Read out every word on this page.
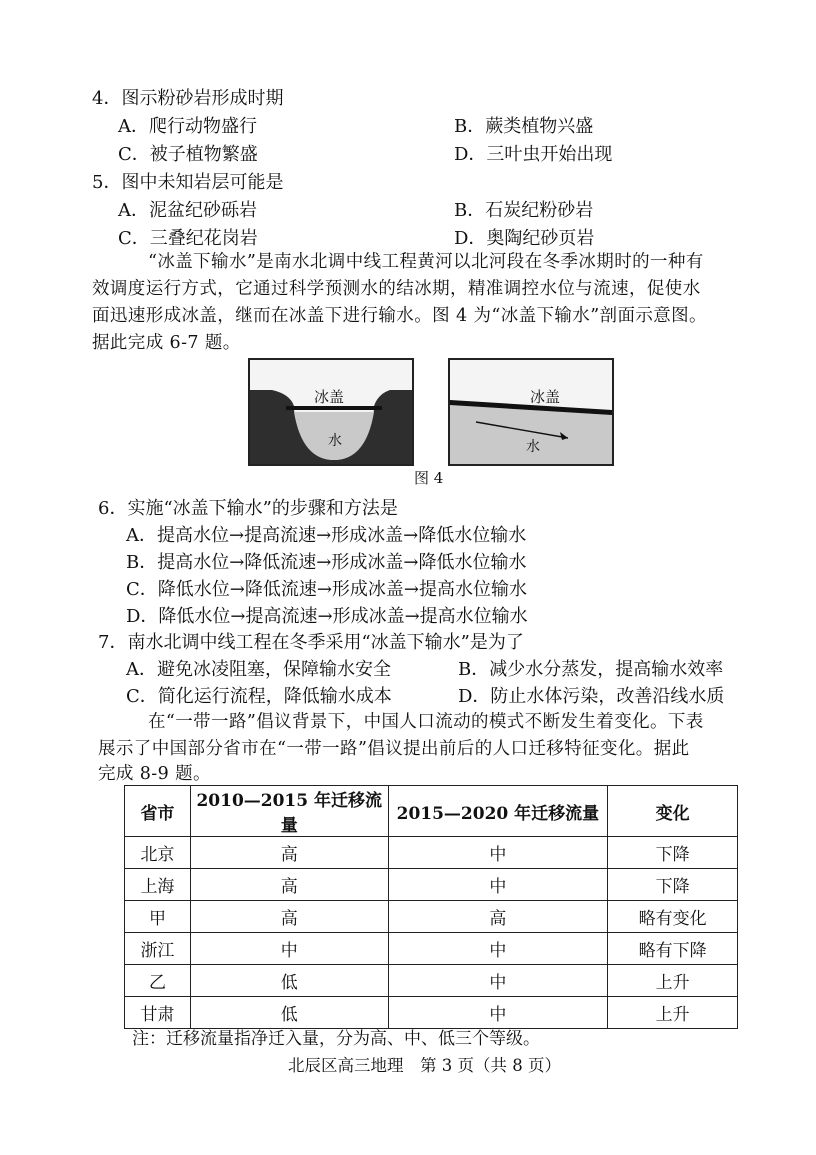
4．图示粉砂岩形成时期
A．爬行动物盛行	B．蕨类植物兴盛
C．被子植物繁盛	D．三叶虫开始出现
5．图中未知岩层可能是
A．泥盆纪砂砾岩	B．石炭纪粉砂岩
C．三叠纪花岗岩	D．奥陶纪砂页岩
“冰盖下输水”是南水北调中线工程黄河以北河段在冬季冰期时的一种有
效调度运行方式，它通过科学预测水的结冰期，精准调控水位与流速，促使水
面迅速形成冰盖，继而在冰盖下进行输水。图 4 为“冰盖下输水”剖面示意图。
据此完成 6-7 题。
冰盖
水
冰盖
水
图 4
6．实施“冰盖下输水”的步骤和方法是
A．提高水位→提高流速→形成冰盖→降低水位输水
B．提高水位→降低流速→形成冰盖→降低水位输水
C．降低水位→降低流速→形成冰盖→提高水位输水
D．降低水位→提高流速→形成冰盖→提高水位输水
7．南水北调中线工程在冬季采用“冰盖下输水”是为了
A．避免冰凌阻塞，保障输水安全	B．减少水分蒸发，提高输水效率
C．简化运行流程，降低输水成本	D．防止水体污染，改善沿线水质
在“一带一路”倡议背景下，中国人口流动的模式不断发生着变化。下表
展示了中国部分省市在“一带一路”倡议提出前后的人口迁移特征变化。据此
完成 8-9 题。
省市	2010—2015 年迁移流量	2015—2020 年迁移流量	变化
北京	高	中	下降
上海	高	中	下降
甲	高	高	略有变化
浙江	中	中	略有下降
乙	低	中	上升
甘肃	低	中	上升
注：迁移流量指净迁入量，分为高、中、低三个等级。
北辰区高三地理　第 3 页（共 8 页）
